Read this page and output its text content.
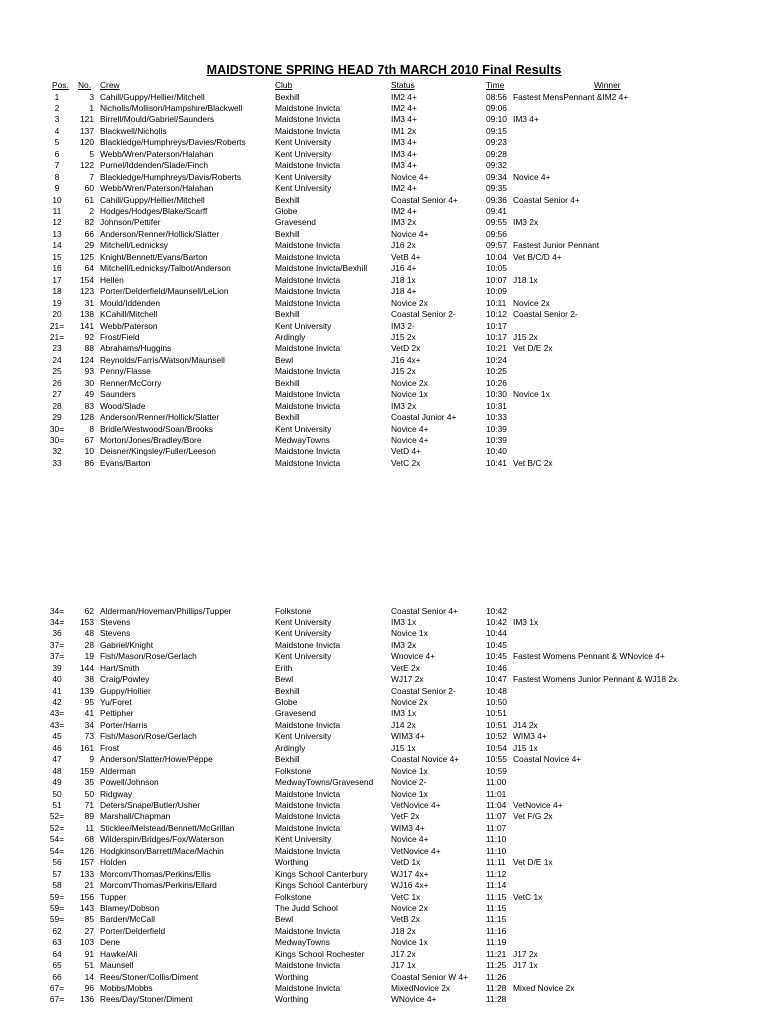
MAIDSTONE SPRING HEAD 7th MARCH 2010 Final Results
Pos. No. Crew	Club	Status	Time	Winner
1	3 Cahill/Guppy/Hellier/Mitchell	Bexhill	IM2 4+	08:56 Fastest MensPennant &IM2 4+
2	1 Nicholls/Mollison/Hampshire/Blackwell	Maidstone Invicta	IM2 4+	09:06
3	121 Birrell/Mould/Gabriel/Saunders	Maidstone Invicta	IM3 4+	09:10 IM3 4+
4	137 Blackwell/Nicholls	Maidstone Invicta	IM1 2x	09:15
5	120 Blackledge/Humphreys/Davies/Roberts	Kent University	IM3 4+	09:23
6	5 Webb/Wren/Paterson/Halahan	Kent University	IM3 4+	09:28
7	122 Purnel/Iddenden/Slade/Finch	Maidstone Invicta	IM3 4+	09:32
8	7 Blackledge/Humphreys/Davis/Roberts	Kent University	Novice 4+	09:34 Novice 4+
9	60 Webb/Wren/Paterson/Halahan	Kent University	IM2 4+	09:35
10	61 Cahill/Guppy/Hellier/Mitchell	Bexhill	Coastal Senior 4+	09:36 Coastal Senior 4+
11	2 Hodges/Hodges/Blake/Scarff	Globe	IM2 4+	09:41
12	82 Johnson/Pettifer	Gravesend	IM3 2x	09:55 IM3 2x
13	66 Anderson/Renner/Hollick/Slatter	Bexhill	Novice 4+	09:56
14	29 Mitchell/Lednicksy	Maidstone Invicta	J16 2x	09:57 Fastest Junior Pennant
15	125 Knight/Bennett/Evans/Barton	Maidstone Invicta	VetB 4+	10:04 Vet B/C/D 4+
16	64 Mitchell/Lednicksy/Talbot/Anderson	Maidstone Invicta/Bexhill	J16 4+	10:05
17	154 Hellen	Maidstone Invicta	J18 1x	10:07 J18 1x
18	123 Porter/Delderfield/Maunsell/LeLion	Maidstone Invicta	J18 4+	10:09
19	31 Mould/Iddenden	Maidstone Invicta	Novice 2x	10:11 Novice 2x
20	138 KCahill/Mitchell	Bexhill	Coastal Senior 2-	10:12 Coastal Senior 2-
21=	141 Webb/Paterson	Kent University	IM3 2-	10:17
21=	92 Frost/Field	Ardingly	J15 2x	10:17 J15 2x
23	88 Abrahams/Huggins	Maidstone Invicta	VetD 2x	10:21 Vet D/E 2x
24	124 Reynolds/Farris/Watson/Maunsell	Bewl	J16 4x+	10:24
25	93 Penny/Flasse	Maidstone Invicta	J15 2x	10:25
26	30 Renner/McCorry	Bexhill	Novice 2x	10:26
27	49 Saunders	Maidstone Invicta	Novice 1x	10:30 Novice 1x
28	83 Wood/Slade	Maidstone Invicta	IM3 2x	10:31
29	128 Anderson/Renner/Hollick/Slatter	Bexhill	Coastal Junior 4+	10:33
30=	8 Bridle/Westwood/Soan/Brooks	Kent University	Novice 4+	10:39
30=	67 Morton/Jones/Bradley/Bore	MedwayTowns	Novice 4+	10:39
32	10 Deisner/Kingsley/Fuller/Leeson	Maidstone Invicta	VetD 4+	10:40
33	86 Evans/Barton	Maidstone Invicta	VetC 2x	10:41 Vet B/C 2x
34=	62 Alderman/Hoveman/Phillips/Tupper	Folkstone	Coastal Senior 4+	10:42
34=	153 Stevens	Kent University	IM3 1x	10:42 IM3 1x
36	48 Stevens	Kent University	Novice 1x	10:44
37=	28 Gabriel/Knight	Maidstone Invicta	IM3 2x	10:45
37=	19 Fish/Mason/Rose/Gerlach	Kent University	Wnovice 4+	10:45 Fastest Womens Pennant & WNovice 4+
39	144 Hart/Smith	Erith	VetE 2x	10:46
40	38 Craig/Powley	Bewl	WJ17 2x	10:47 Fastest Womens Junior Pennant & WJ18 2x
41	139 Guppy/Hollier	Bexhill	Coastal Senior 2-	10:48
42	95 Yu/Foret	Globe	Novice 2x	10:50
43=	41 Pettipher	Gravesend	IM3 1x	10:51
43=	34 Porter/Harris	Maidstone Invicta	J14 2x	10:51 J14 2x
45	73 Fish/Mason/Rose/Gerlach	Kent University	WIM3 4+	10:52 WIM3 4+
46	161 Frost	Ardingly	J15 1x	10:54 J15 1x
47	9 Anderson/Slatter/Howe/Peppe	Bexhill	Coastal Novice 4+	10:55 Coastal Novice 4+
48	159 Alderman	Folkstone	Novice 1x	10:59
49	35 Powell/Johnson	MedwayTowns/Gravesend Novice 2-	11:00
50	50 Ridgway	Maidstone Invicta	Novice 1x	11:01
51	71 Deters/Snape/Butler/Usher	Maidstone Invicta	VetNovice 4+	11:04 VetNovice 4+
52=	89 Marshall/Chapman	Maidstone Invicta	VetF 2x	11:07 Vet F/G 2x
52=	11 Sticklee/Melstead/Bennett/McGrillan	Maidstone Invicta	WIM3 4+	11:07
54=	68 Wilderspin/Bridges/Fox/Waterson	Kent University	Novice 4+	11:10
54=	126 Hodgkinson/Barrett/Mace/Machin	Maidstone Invicta	VetNovice 4+	11:10
56	157 Holden	Worthing	VetD 1x	11:11 Vet D/E 1x
57	133 Morcom/Thomas/Perkins/Ellis	Kings School Canterbury	WJ17 4x+	11:12
58	21 Morcom/Thomas/Perkins/Ellard	Kings School Canterbury	WJ16 4x+	11:14
59=	156 Tupper	Folkstone	VetC 1x	11:15 VetC 1x
59=	143 Blamey/Dobson	The Judd School	Novice 2x	11:15
59=	85 Barden/McCall	Bewl	VetB 2x	11:15
62	27 Porter/Delderfield	Maidstone Invicta	J18 2x	11:16
63	103 Dene	MedwayTowns	Novice 1x	11:19
64	91 Hawke/Ali	Kings School Rochester	J17 2x	11:21 J17 2x
65	51 Maunsell	Maidstone Invicta	J17 1x	11:25 J17 1x
66	14 Rees/Stoner/Collis/Diment	Worthing	Coastal Senior W 4+ 11:26
67=	96 Mobbs/Mobbs	Maidstone Invicta	MixedNovice 2x	11:28 Mixed Novice 2x
67=	136 Rees/Day/Stoner/Diment	Worthing	WNovice 4+	11:28
